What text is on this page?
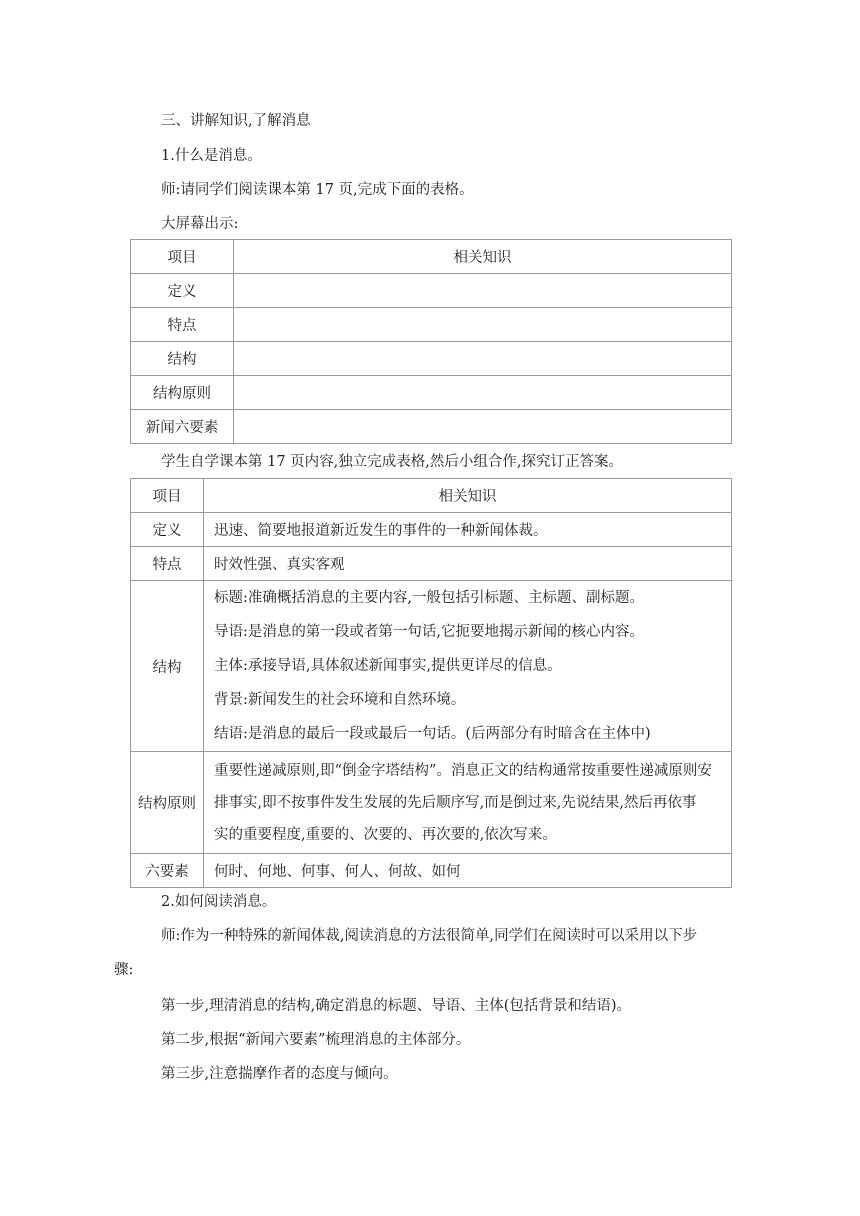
三、讲解知识,了解消息
1.什么是消息。
师:请同学们阅读课本第 17 页,完成下面的表格。
大屏幕出示:
项目	相关知识
定义	
特点	
结构	
结构原则	
新闻六要素	
学生自学课本第 17 页内容,独立完成表格,然后小组合作,探究订正答案。
项目	相关知识
定义	迅速、简要地报道新近发生的事件的一种新闻体裁。
特点	时效性强、真实客观
结构	标题:准确概括消息的主要内容,一般包括引标题、主标题、副标题。
导语:是消息的第一段或者第一句话,它扼要地揭示新闻的核心内容。
主体:承接导语,具体叙述新闻事实,提供更详尽的信息。
背景:新闻发生的社会环境和自然环境。
结语:是消息的最后一段或最后一句话。(后两部分有时暗含在主体中)

结构原则	重要性递减原则,即“倒金字塔结构”。消息正文的结构通常按重要性递减原则安
排事实,即不按事件发生发展的先后顺序写,而是倒过来,先说结果,然后再依事
实的重要程度,重要的、次要的、再次要的,依次写来。

六要素	何时、何地、何事、何人、何故、如何
2.如何阅读消息。
师:作为一种特殊的新闻体裁,阅读消息的方法很简单,同学们在阅读时可以采用以下步
骤:
第一步,理清消息的结构,确定消息的标题、导语、主体(包括背景和结语)。
第二步,根据“新闻六要素”梳理消息的主体部分。
第三步,注意揣摩作者的态度与倾向。
